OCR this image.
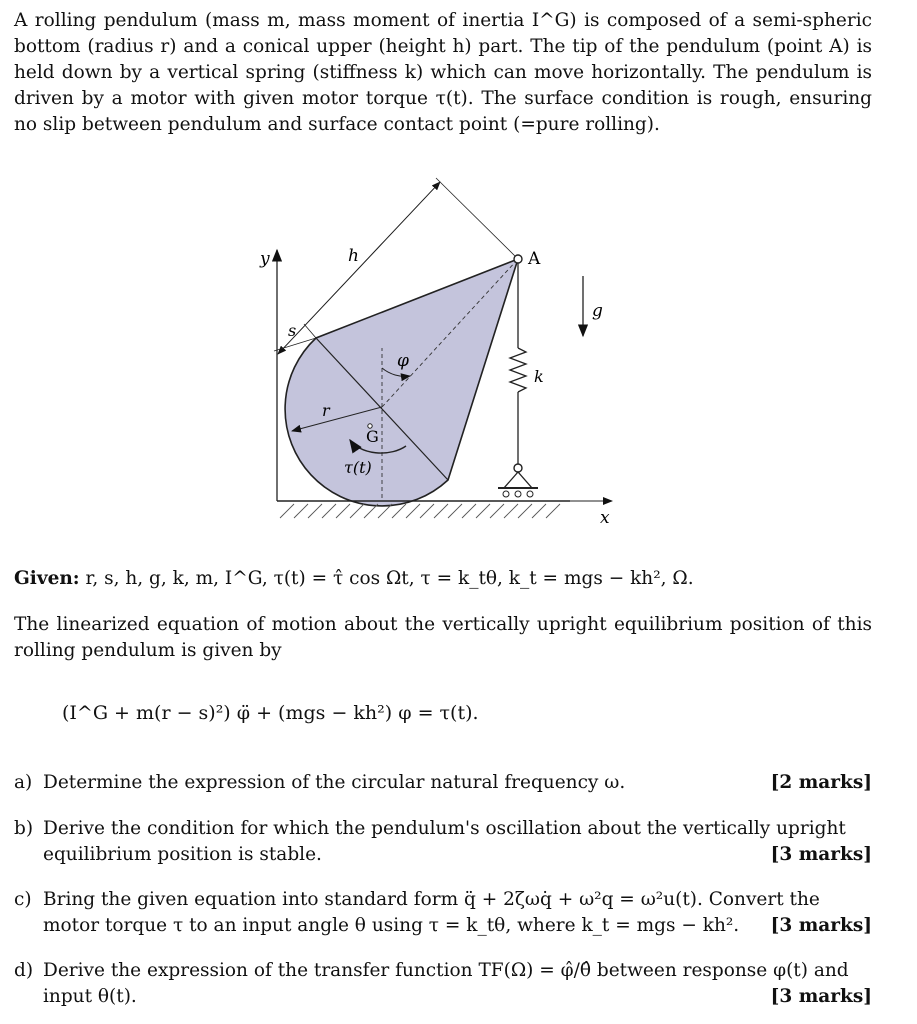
A rolling pendulum (mass m, mass moment of inertia I^G) is composed of a semi-spheric bottom (radius r) and a conical upper (height h) part. The tip of the pendulum (point A) is held down by a vertical spring (stiffness k) which can move horizontally. The pendulum is driven by a motor with given motor torque τ(t). The surface condition is rough, ensuring no slip between pendulum and surface contact point (=pure rolling).
φ
G
r
τ(t)
h
s
y
x
A
k
g
Given: r, s, h, g, k, m, I^G, τ(t) = τ̂ cos Ωt, τ = k_tθ, k_t = mgs − kh², Ω.
The linearized equation of motion about the vertically upright equilibrium position of this rolling pendulum is given by
(I^G + m(r − s)²) φ̈ + (mgs − kh²) φ = τ(t).
a)	[2 marks]
Determine the expression of the circular natural frequency ω.
b) Derive the condition for which the pendulum's oscillation about the vertically upright equilibrium position is stable.	[3 marks]
c) Bring the given equation into standard form q̈ + 2ζωq̇ + ω²q = ω²u(t). Convert the motor torque τ to an input angle θ using τ = k_tθ, where k_t = mgs − kh². [3 marks]
d) Derive the expression of the transfer function TF(Ω) = φ̂/θ̂ between response φ(t) and input θ(t).	[3 marks]
